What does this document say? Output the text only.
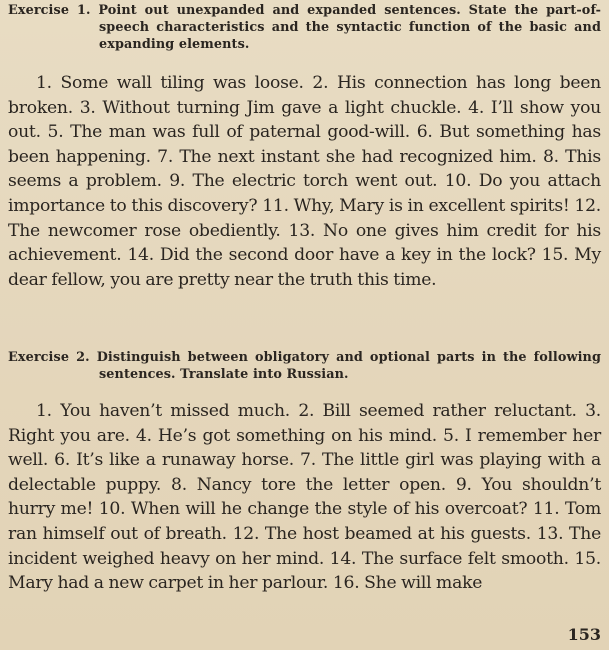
Exercise 1. Point out unexpanded and expanded sentences. State the part-of-speech characteristics and the syntactic function of the basic and expanding elements.

1. Some wall tiling was loose. 2. His connection has long been broken. 3. Without turning Jim gave a light chuckle. 4. I’ll show you out. 5. The man was full of paternal good-will. 6. But something has been happening. 7. The next instant she had recognized him. 8. This seems a problem. 9. The electric torch went out. 10. Do you attach importance to this discovery? 11. Why, Mary is in excellent spirits! 12. The newcomer rose obediently. 13. No one gives him credit for his achievement. 14. Did the second door have a key in the lock? 15. My dear fellow, you are pretty near the truth this time.

Exercise 2. Distinguish between obligatory and optional parts in the following sentences. Translate into Russian.

1. You haven’t missed much. 2. Bill seemed rather reluctant. 3. Right you are. 4. He’s got something on his mind. 5. I remember her well. 6. It’s like a runaway horse. 7. The little girl was playing with a delectable puppy. 8. Nancy tore the letter open. 9. You shouldn’t hurry me! 10. When will he change the style of his overcoat? 11. Tom ran himself out of breath. 12. The host beamed at his guests. 13. The incident weighed heavy on her mind. 14. The surface felt smooth. 15. Mary had a new carpet in her parlour. 16. She will make

153
